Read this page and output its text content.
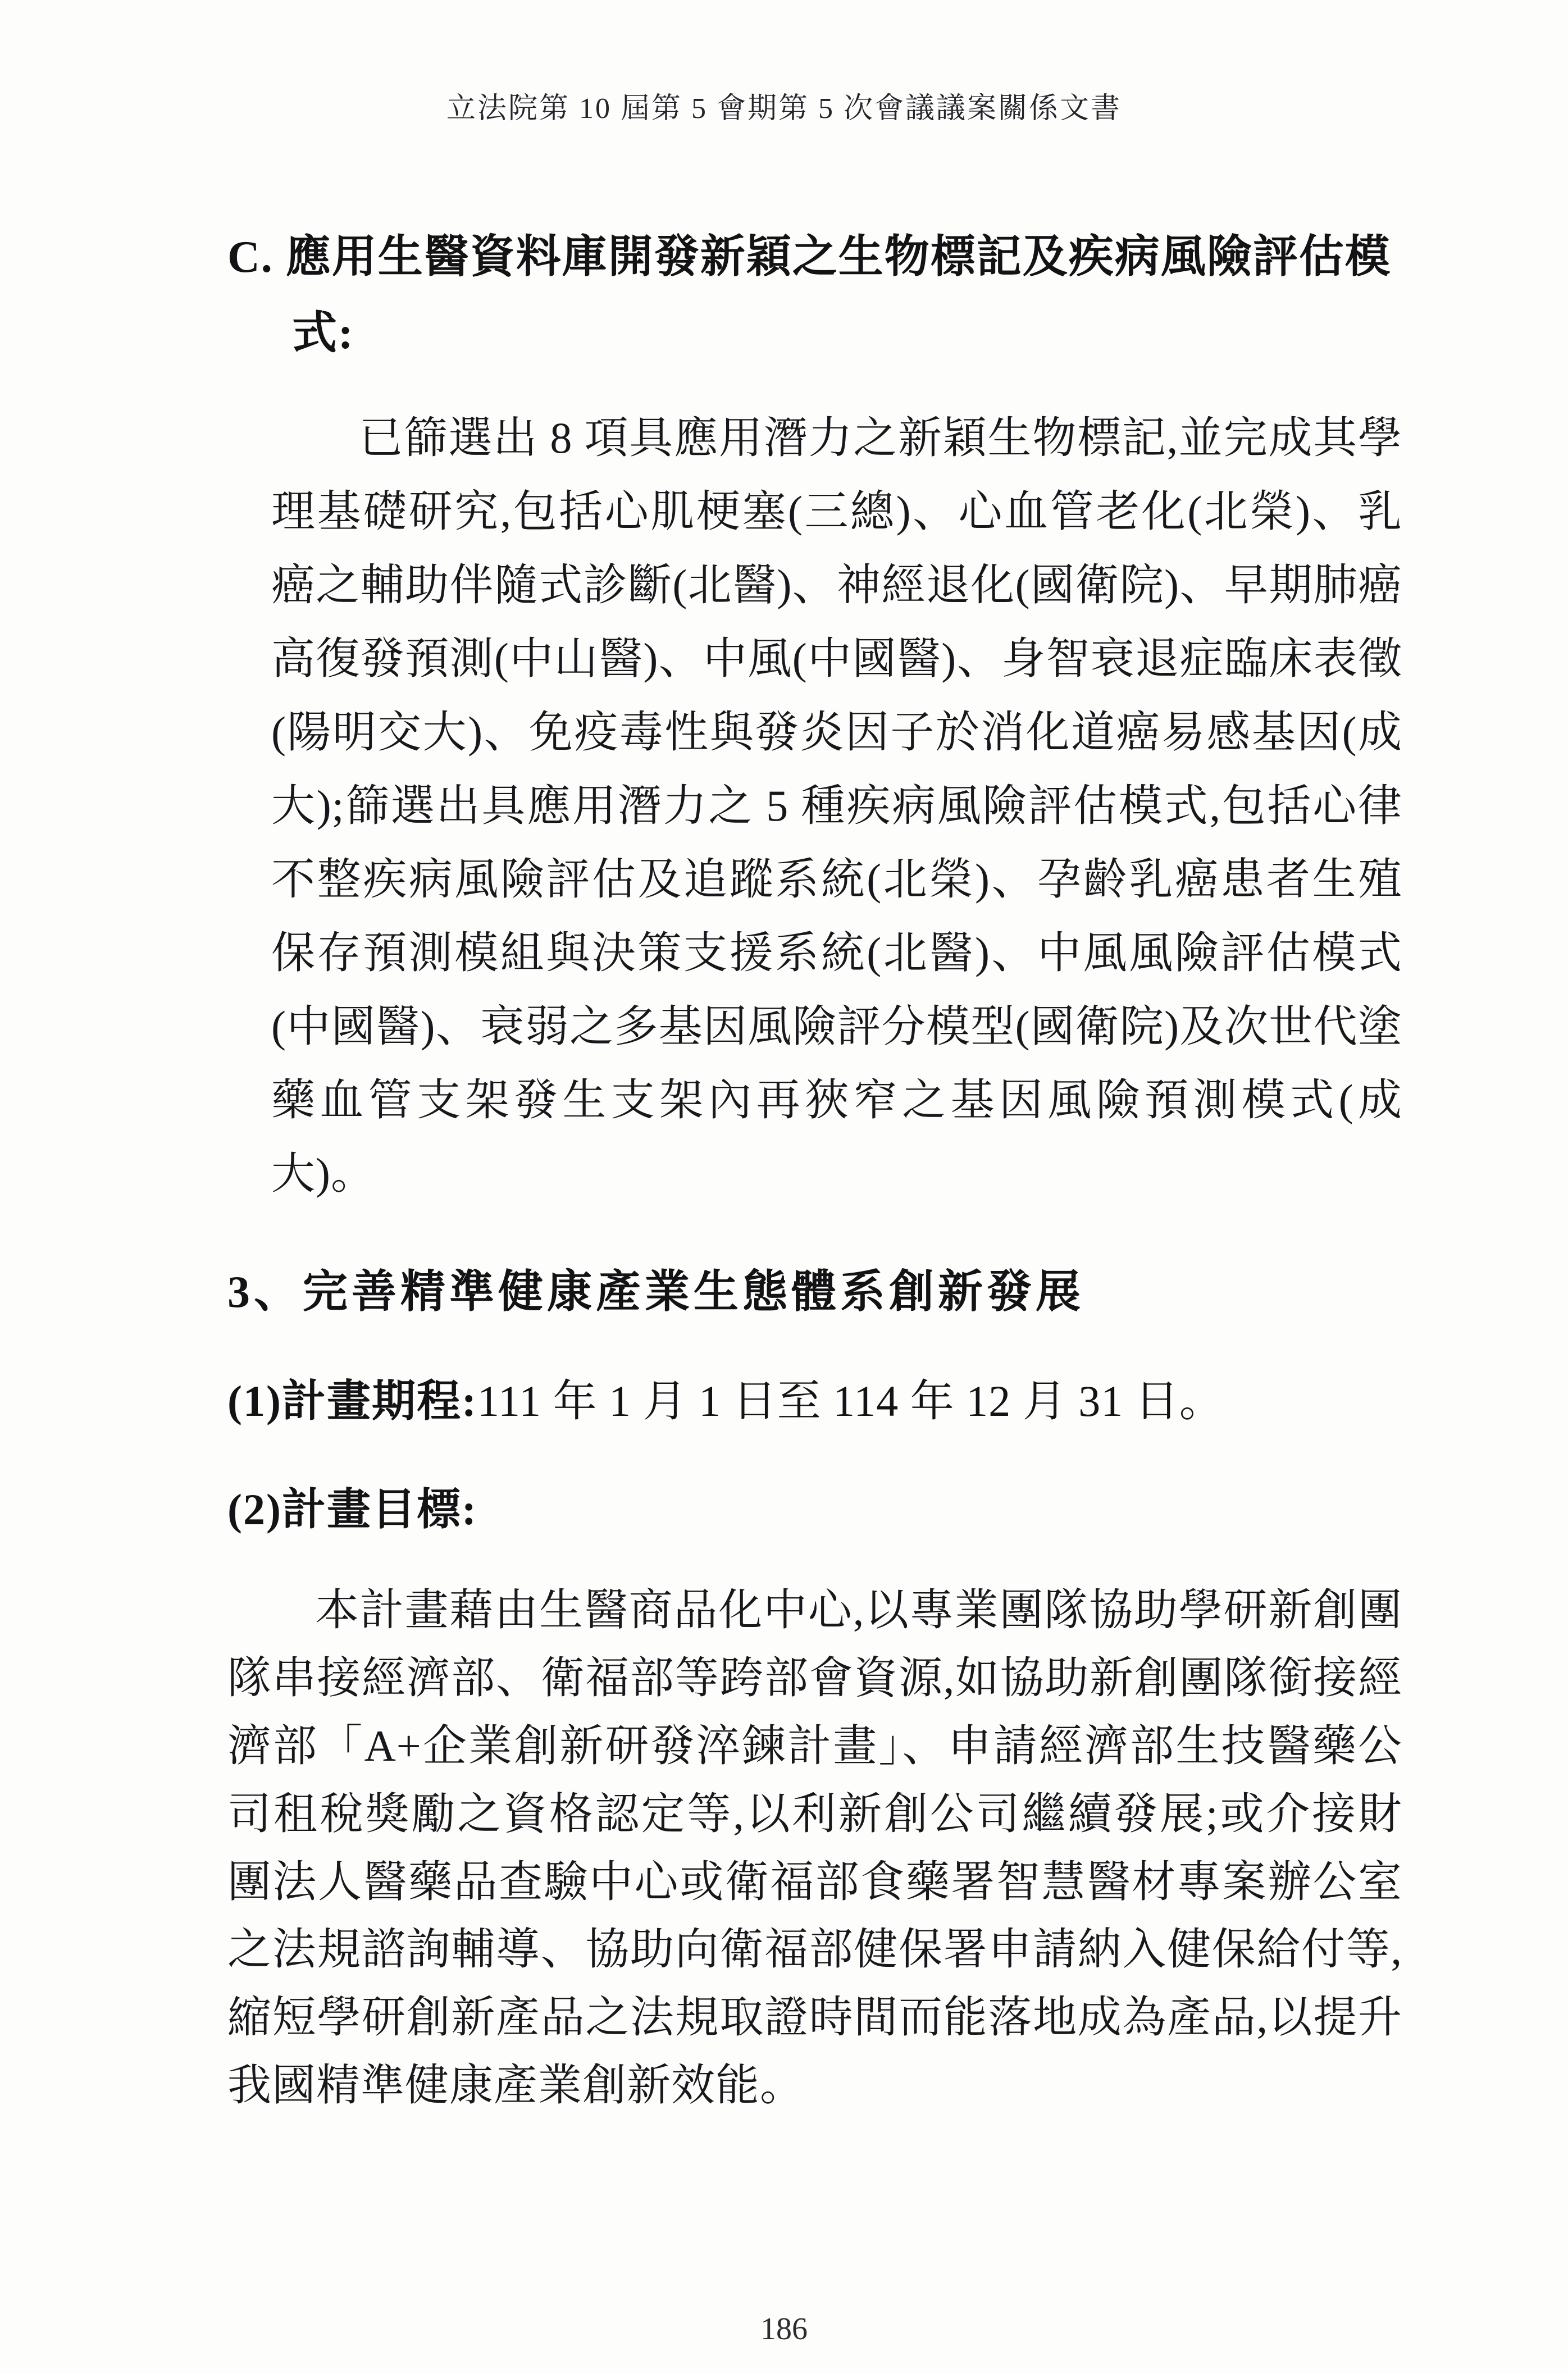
立法院第 10 屆第 5 會期第 5 次會議議案關係文書
C. 應用生醫資料庫開發新穎之生物標記及疾病風險評估模式:
已篩選出 8 項具應用潛力之新穎生物標記,並完成其學理基礎研究,包括心肌梗塞(三總)、心血管老化(北榮)、乳癌之輔助伴隨式診斷(北醫)、神經退化(國衛院)、早期肺癌高復發預測(中山醫)、中風(中國醫)、身智衰退症臨床表徵(陽明交大)、免疫毒性與發炎因子於消化道癌易感基因(成大);篩選出具應用潛力之 5 種疾病風險評估模式,包括心律不整疾病風險評估及追蹤系統(北榮)、孕齡乳癌患者生殖保存預測模組與決策支援系統(北醫)、中風風險評估模式(中國醫)、衰弱之多基因風險評分模型(國衛院)及次世代塗藥血管支架發生支架內再狹窄之基因風險預測模式(成大)。
3、完善精準健康產業生態體系創新發展
(1)計畫期程:111 年 1 月 1 日至 114 年 12 月 31 日。
(2)計畫目標:
本計畫藉由生醫商品化中心,以專業團隊協助學研新創團隊串接經濟部、衛福部等跨部會資源,如協助新創團隊銜接經濟部「A+企業創新研發淬鍊計畫」、申請經濟部生技醫藥公司租稅獎勵之資格認定等,以利新創公司繼續發展;或介接財團法人醫藥品查驗中心或衛福部食藥署智慧醫材專案辦公室之法規諮詢輔導、協助向衛福部健保署申請納入健保給付等,縮短學研創新產品之法規取證時間而能落地成為產品,以提升我國精準健康產業創新效能。
186
